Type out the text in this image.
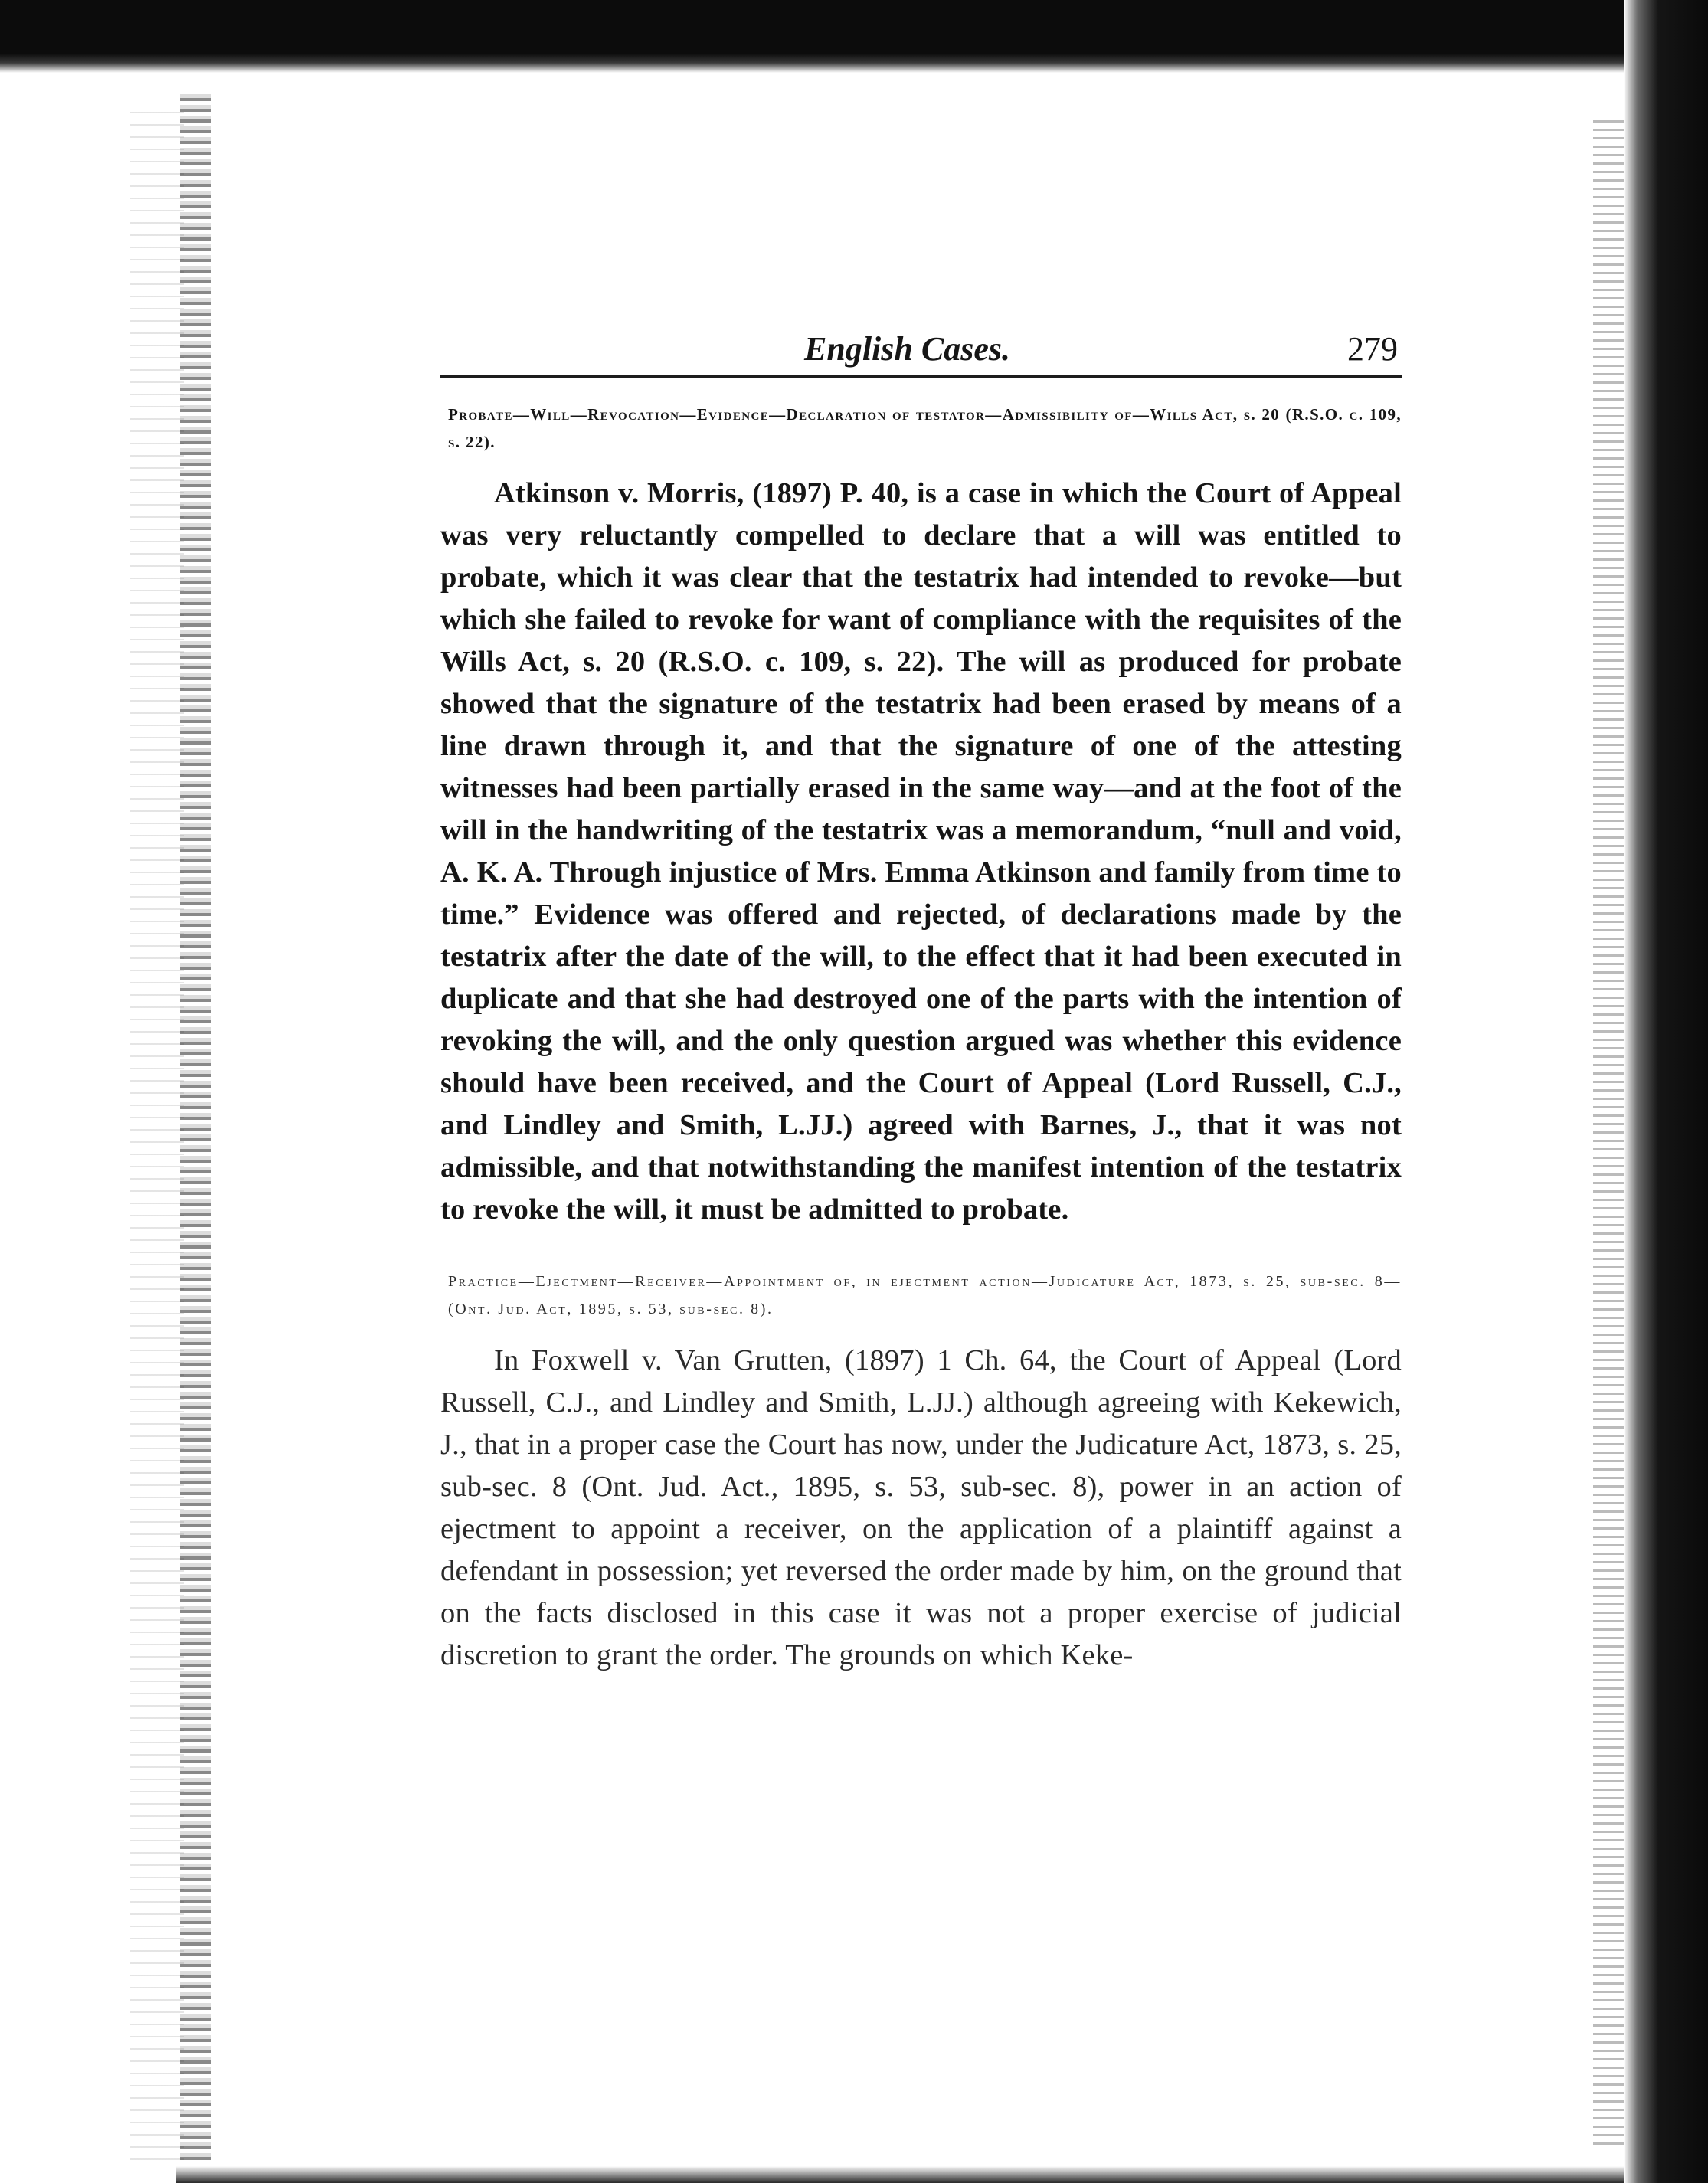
English Cases.	279

Probate—Will—Revocation—Evidence—Declaration of testator—Admissibility of—Wills Act, s. 20 (R.S.O. c. 109, s. 22).

Atkinson v. Morris, (1897) P. 40, is a case in which the Court of Appeal was very reluctantly compelled to declare that a will was entitled to probate, which it was clear that the testatrix had intended to revoke—but which she failed to revoke for want of compliance with the requisites of the Wills Act, s. 20 (R.S.O. c. 109, s. 22). The will as produced for probate showed that the signature of the testatrix had been erased by means of a line drawn through it, and that the signature of one of the attesting witnesses had been partially erased in the same way—and at the foot of the will in the handwriting of the testatrix was a memorandum, “null and void, A. K. A. Through injustice of Mrs. Emma Atkinson and family from time to time.” Evidence was offered and rejected, of declarations made by the testatrix after the date of the will, to the effect that it had been executed in duplicate and that she had destroyed one of the parts with the intention of revoking the will, and the only question argued was whether this evidence should have been received, and the Court of Appeal (Lord Russell, C.J., and Lindley and Smith, L.JJ.) agreed with Barnes, J., that it was not admissible, and that notwithstanding the manifest intention of the testatrix to revoke the will, it must be admitted to probate.

Practice—Ejectment—Receiver—Appointment of, in ejectment action—Judicature Act, 1873, s. 25, sub-sec. 8—(Ont. Jud. Act, 1895, s. 53, sub-sec. 8).

In Foxwell v. Van Grutten, (1897) 1 Ch. 64, the Court of Appeal (Lord Russell, C.J., and Lindley and Smith, L.JJ.) although agreeing with Kekewich, J., that in a proper case the Court has now, under the Judicature Act, 1873, s. 25, sub-sec. 8 (Ont. Jud. Act., 1895, s. 53, sub-sec. 8), power in an action of ejectment to appoint a receiver, on the application of a plaintiff against a defendant in possession; yet reversed the order made by him, on the ground that on the facts disclosed in this case it was not a proper exercise of judicial discretion to grant the order. The grounds on which Keke-
